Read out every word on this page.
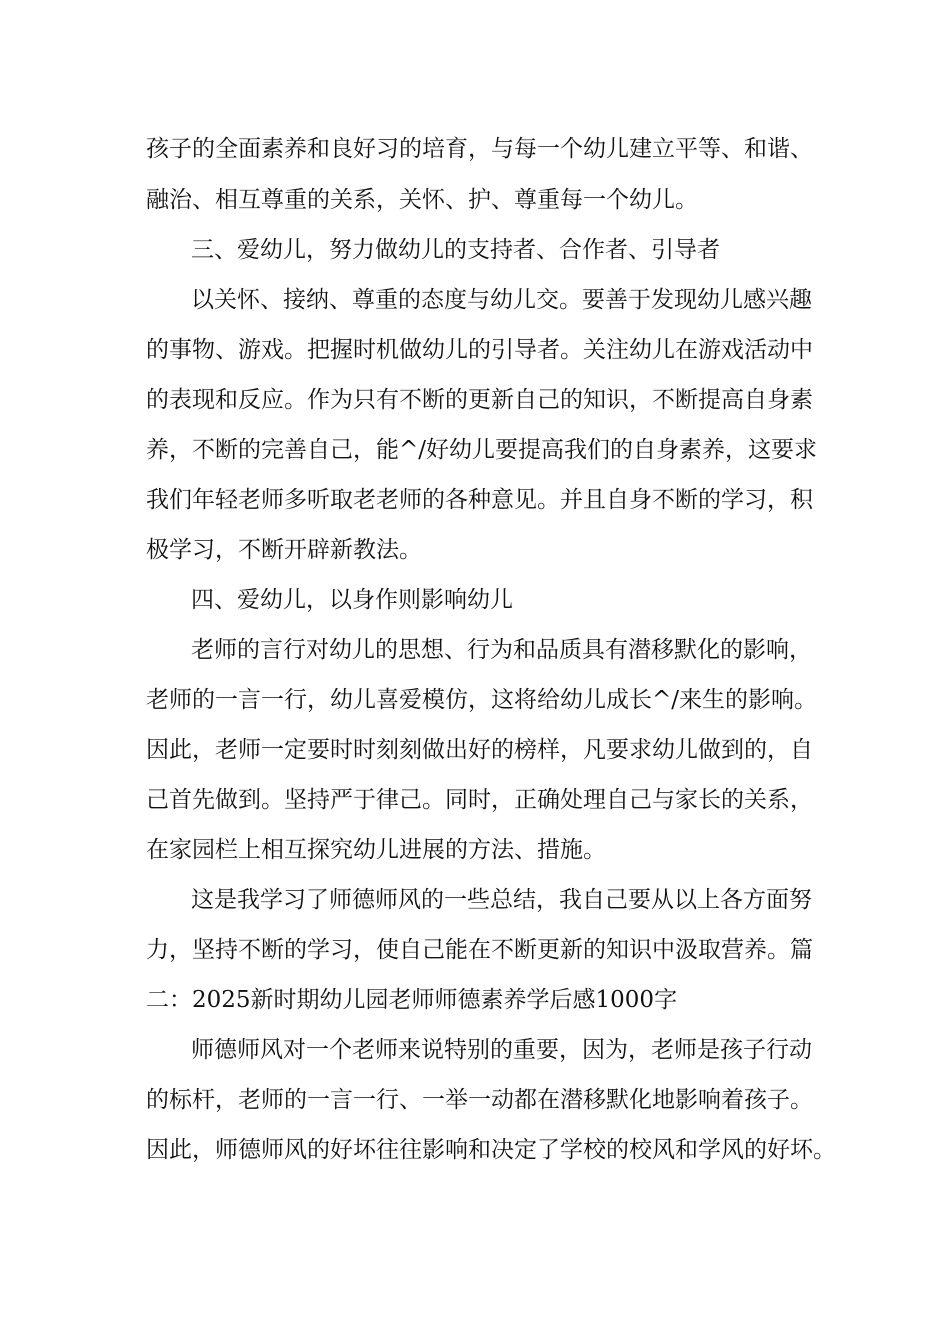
孩子的全面素养和良好习的培育，与每一个幼儿建立平等、和谐、
融治、相互尊重的关系，关怀、护、尊重每一个幼儿。
三、爱幼儿，努力做幼儿的支持者、合作者、引导者
以关怀、接纳、尊重的态度与幼儿交。要善于发现幼儿感兴趣
的事物、游戏。把握时机做幼儿的引导者。关注幼儿在游戏活动中
的表现和反应。作为只有不断的更新自己的知识，不断提高自身素
养，不断的完善自己，能^/好幼儿要提高我们的自身素养，这要求
我们年轻老师多听取老老师的各种意见。并且自身不断的学习，积
极学习，不断开辟新教法。
四、爱幼儿，以身作则影响幼儿
老师的言行对幼儿的思想、行为和品质具有潜移默化的影响，
老师的一言一行，幼儿喜爱模仿，这将给幼儿成长^/来生的影响。
因此，老师一定要时时刻刻做出好的榜样，凡要求幼儿做到的，自
己首先做到。坚持严于律己。同时，正确处理自己与家长的关系，
在家园栏上相互探究幼儿进展的方法、措施。
这是我学习了师德师风的一些总结，我自己要从以上各方面努
力，坚持不断的学习，使自己能在不断更新的知识中汲取营养。篇
二：2025新时期幼儿园老师师德素养学后感1000字
师德师风对一个老师来说特别的重要，因为，老师是孩子行动
的标杆，老师的一言一行、一举一动都在潜移默化地影响着孩子。
因此，师德师风的好坏往往影响和决定了学校的校风和学风的好坏。
